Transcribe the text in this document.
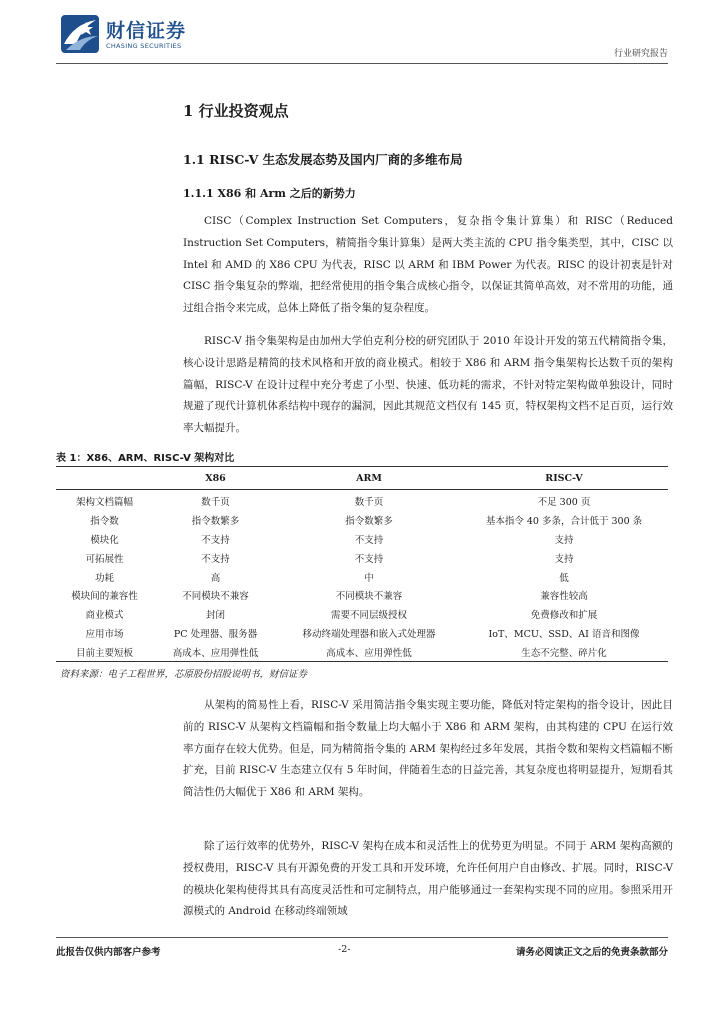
财信证券
CHASING SECURITIES
行业研究报告
1 行业投资观点
1.1 RISC-V 生态发展态势及国内厂商的多维布局
1.1.1 X86 和 Arm 之后的新势力

CISC（Complex Instruction Set Computers，复杂指令集计算集）和 RISC（Reduced Instruction Set Computers，精简指令集计算集）是两大类主流的 CPU 指令集类型，其中，CISC 以 Intel 和 AMD 的 X86 CPU 为代表，RISC 以 ARM 和 IBM Power 为代表。RISC 的设计初衷是针对 CISC 指令集复杂的弊端，把经常使用的指令集合成核心指令，以保证其简单高效，对不常用的功能，通过组合指令来完成，总体上降低了指令集的复杂程度。

RISC-V 指令集架构是由加州大学伯克利分校的研究团队于 2010 年设计开发的第五代精简指令集，核心设计思路是精简的技术风格和开放的商业模式。相较于 X86 和 ARM 指令集架构长达数千页的架构篇幅，RISC-V 在设计过程中充分考虑了小型、快速、低功耗的需求，不针对特定架构做单独设计，同时规避了现代计算机体系结构中现存的漏洞，因此其规范文档仅有 145 页，特权架构文档不足百页，运行效率大幅提升。

表 1：X86、ARM、RISC-V 架构对比
	X86	ARM	RISC-V
架构文档篇幅	数千页	数千页	不足 300 页
指令数	指令数繁多	指令数繁多	基本指令 40 多条，合计低于 300 条
模块化	不支持	不支持	支持
可拓展性	不支持	不支持	支持
功耗	高	中	低
模块间的兼容性	不同模块不兼容	不同模块不兼容	兼容性较高
商业模式	封闭	需要不同层级授权	免费修改和扩展
应用市场	PC 处理器、服务器	移动终端处理器和嵌入式处理器	IoT、MCU、SSD、AI 语音和图像
目前主要短板	高成本、应用弹性低	高成本、应用弹性低	生态不完整、碎片化
资料来源：电子工程世界，芯原股份招股说明书，财信证券

从架构的简易性上看，RISC-V 采用简洁指令集实现主要功能，降低对特定架构的指令设计，因此目前的 RISC-V 从架构文档篇幅和指令数量上均大幅小于 X86 和 ARM 架构，由其构建的 CPU 在运行效率方面存在较大优势。但是，同为精简指令集的 ARM 架构经过多年发展，其指令数和架构文档篇幅不断扩充，目前 RISC-V 生态建立仅有 5 年时间，伴随着生态的日益完善，其复杂度也将明显提升，短期看其简洁性仍大幅优于 X86 和 ARM 架构。

除了运行效率的优势外，RISC-V 架构在成本和灵活性上的优势更为明显。不同于 ARM 架构高额的授权费用，RISC-V 具有开源免费的开发工具和开发环境，允许任何用户自由修改、扩展。同时，RISC-V 的模块化架构使得其具有高度灵活性和可定制特点，用户能够通过一套架构实现不同的应用。参照采用开源模式的 Android 在移动终端领域

此报告仅供内部客户参考	-2-	请务必阅读正文之后的免责条款部分
